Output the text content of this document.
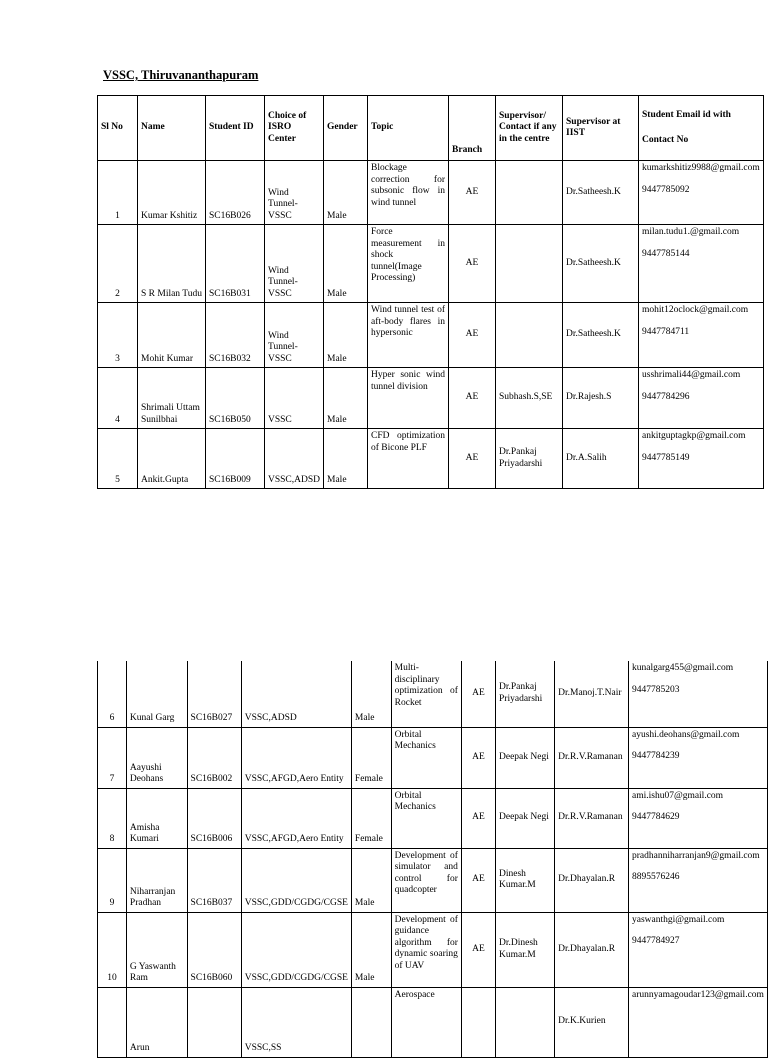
VSSC, Thiruvananthapuram
Sl No	Name	Student ID	Choice of ISRO Center	Gender	Topic	Branch	Supervisor/ Contact if any in the centre	Supervisor at IIST	Student Email id with
Contact No

1	Kumar Kshitiz	SC16B026	Wind Tunnel-VSSC	Male	Blockage correction for subsonic flow in wind tunnel	AE		Dr.Satheesh.K	kumarkshitiz9988@gmail.com
9447785092

2	S R Milan Tudu	SC16B031	Wind Tunnel-VSSC	Male	Force measurement in shock tunnel(Image Processing)	AE		Dr.Satheesh.K	milan.tudu1.@gmail.com
9447785144

3	Mohit Kumar	SC16B032	Wind Tunnel-VSSC	Male	Wind tunnel test of aft-body flares in hypersonic	AE		Dr.Satheesh.K	mohit12oclock@gmail.com
9447784711

4	Shrimali Uttam Sunilbhai	SC16B050	VSSC	Male	Hyper sonic wind tunnel division	AE	Subhash.S,SE	Dr.Rajesh.S	usshrimali44@gmail.com
9447784296

5	Ankit.Gupta	SC16B009	VSSC,ADSD	Male	CFD optimization of Bicone PLF	AE	Dr.Pankaj Priyadarshi	Dr.A.Salih	ankitguptagkp@gmail.com
9447785149
6	Kunal Garg	SC16B027	VSSC,ADSD	Male	Multi-disciplinary optimization of Rocket	AE	Dr.Pankaj Priyadarshi	Dr.Manoj.T.Nair	kunalgarg455@gmail.com
9447785203

7	Aayushi Deohans	SC16B002	VSSC,AFGD,Aero Entity	Female	Orbital Mechanics	AE	Deepak Negi	Dr.R.V.Ramanan	ayushi.deohans@gmail.com
9447784239

8	Amisha Kumari	SC16B006	VSSC,AFGD,Aero Entity	Female	Orbital Mechanics	AE	Deepak Negi	Dr.R.V.Ramanan	ami.ishu07@gmail.com
9447784629

9	Niharranjan Pradhan	SC16B037	VSSC,GDD/CGDG/CGSE	Male	Development of simulator and control for quadcopter	AE	Dinesh Kumar.M	Dr.Dhayalan.R	pradhanniharranjan9@gmail.com
8895576246

10	G Yaswanth Ram	SC16B060	VSSC,GDD/CGDG/CGSE	Male	Development of guidance algorithm for dynamic soaring of UAV	AE	Dr.Dinesh Kumar.M	Dr.Dhayalan.R	yaswanthgi@gmail.com
9447784927

	Arun		VSSC,SS		Aerospace			Dr.K.Kurien	arunnyamagoudar123@gmail.com
